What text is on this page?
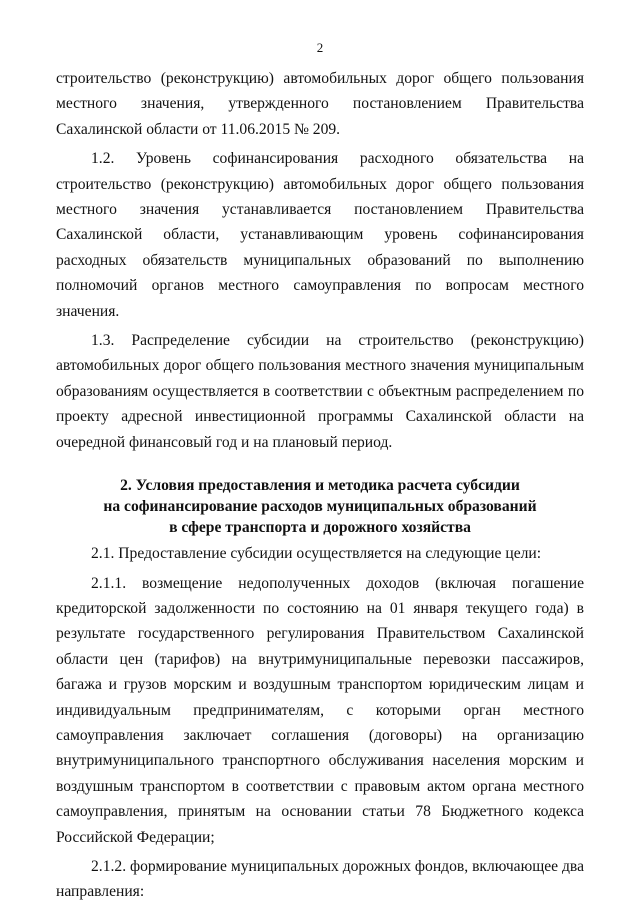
2

строительство (реконструкцию) автомобильных дорог общего пользования местного значения, утвержденного постановлением Правительства Сахалинской области от 11.06.2015 № 209.

1.2. Уровень софинансирования расходного обязательства на строительство (реконструкцию) автомобильных дорог общего пользования местного значения устанавливается постановлением Правительства Сахалинской области, устанавливающим уровень софинансирования расходных обязательств муниципальных образований по выполнению полномочий органов местного самоуправления по вопросам местного значения.

1.3. Распределение субсидии на строительство (реконструкцию) автомобильных дорог общего пользования местного значения муниципальным образованиям осуществляется в соответствии с объектным распределением по проекту адресной инвестиционной программы Сахалинской области на очередной финансовый год и на плановый период.

2. Условия предоставления и методика расчета субсидии
на софинансирование расходов муниципальных образований
в сфере транспорта и дорожного хозяйства

2.1. Предоставление субсидии осуществляется на следующие цели:

2.1.1. возмещение недополученных доходов (включая погашение кредиторской задолженности по состоянию на 01 января текущего года) в результате государственного регулирования Правительством Сахалинской области цен (тарифов) на внутримуниципальные перевозки пассажиров, багажа и грузов морским и воздушным транспортом юридическим лицам и индивидуальным предпринимателям, с которыми орган местного самоуправления заключает соглашения (договоры) на организацию внутримуниципального транспортного обслуживания населения морским и воздушным транспортом в соответствии с правовым актом органа местного самоуправления, принятым на основании статьи 78 Бюджетного кодекса Российской Федерации;

2.1.2. формирование муниципальных дорожных фондов, включающее два направления:
